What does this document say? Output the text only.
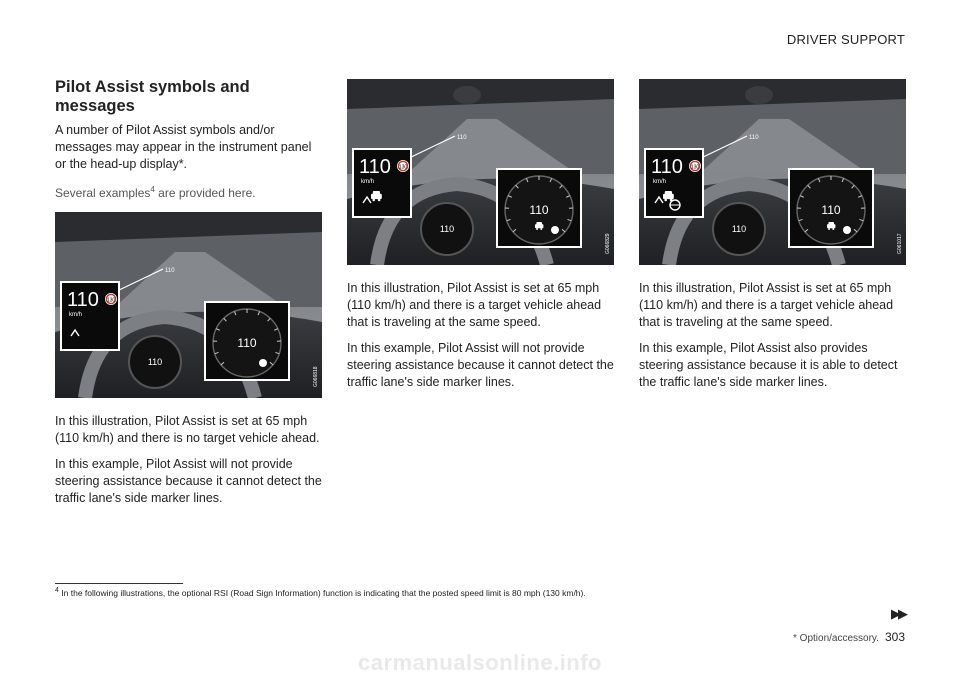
DRIVER SUPPORT
Pilot Assist symbols and messages

A number of Pilot Assist symbols and/or messages may appear in the instrument panel or the head-up display*.

Several examples$^4$ are provided here.

110
110
110 130
km/h
110
G066818

In this illustration, Pilot Assist is set at 65 mph (110 km/h) and there is no target vehicle ahead.

In this example, Pilot Assist will not provide steering assistance because it cannot detect the traffic lane's side marker lines.

110
110
110 130
km/h
110
G066829

In this illustration, Pilot Assist is set at 65 mph (110 km/h) and there is a target vehicle ahead that is traveling at the same speed.

In this example, Pilot Assist will not provide steering assistance because it cannot detect the traffic lane's side marker lines.

110
110
110 130
km/h
110
G061017

In this illustration, Pilot Assist is set at 65 mph (110 km/h) and there is a target vehicle ahead that is traveling at the same speed.

In this example, Pilot Assist also provides steering assistance because it is able to detect the traffic lane's side marker lines.

$^4$ In the following illustrations, the optional RSI (Road Sign Information) function is indicating that the posted speed limit is 80 mph (130 km/h).
▶▶
* Option/accessory. 303
carmanualsonline.info
